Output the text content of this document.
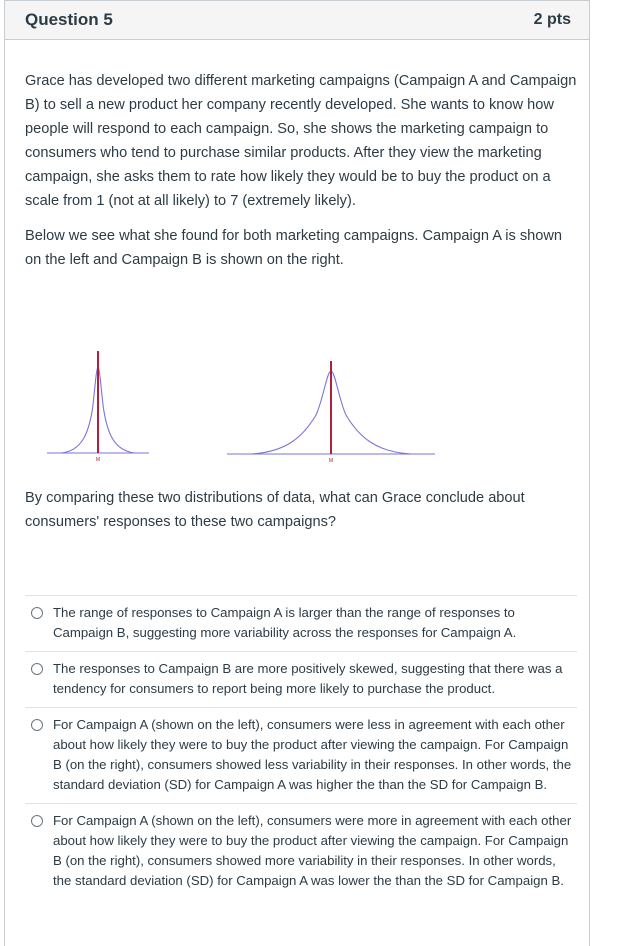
Question 5	2 pts

Grace has developed two different marketing campaigns (Campaign A and Campaign B) to sell a new product her company recently developed. She wants to know how people will respond to each campaign. So, she shows the marketing campaign to consumers who tend to purchase similar products. After they view the marketing campaign, she asks them to rate how likely they would be to buy the product on a scale from 1 (not at all likely) to 7 (extremely likely).

Below we see what she found for both marketing campaigns. Campaign A is shown on the left and Campaign B is shown on the right.

M	M
By comparing these two distributions of data, what can Grace conclude about consumers' responses to these two campaigns?
The range of responses to Campaign A is larger than the range of responses to Campaign B, suggesting more variability across the responses for Campaign A.
The responses to Campaign B are more positively skewed, suggesting that there was a tendency for consumers to report being more likely to purchase the product.
For Campaign A (shown on the left), consumers were less in agreement with each other about how likely they were to buy the product after viewing the campaign. For Campaign B (on the right), consumers showed less variability in their responses. In other words, the standard deviation (SD) for Campaign A was higher the than the SD for Campaign B.
For Campaign A (shown on the left), consumers were more in agreement with each other about how likely they were to buy the product after viewing the campaign. For Campaign B (on the right), consumers showed more variability in their responses. In other words, the standard deviation (SD) for Campaign A was lower the than the SD for Campaign B.
